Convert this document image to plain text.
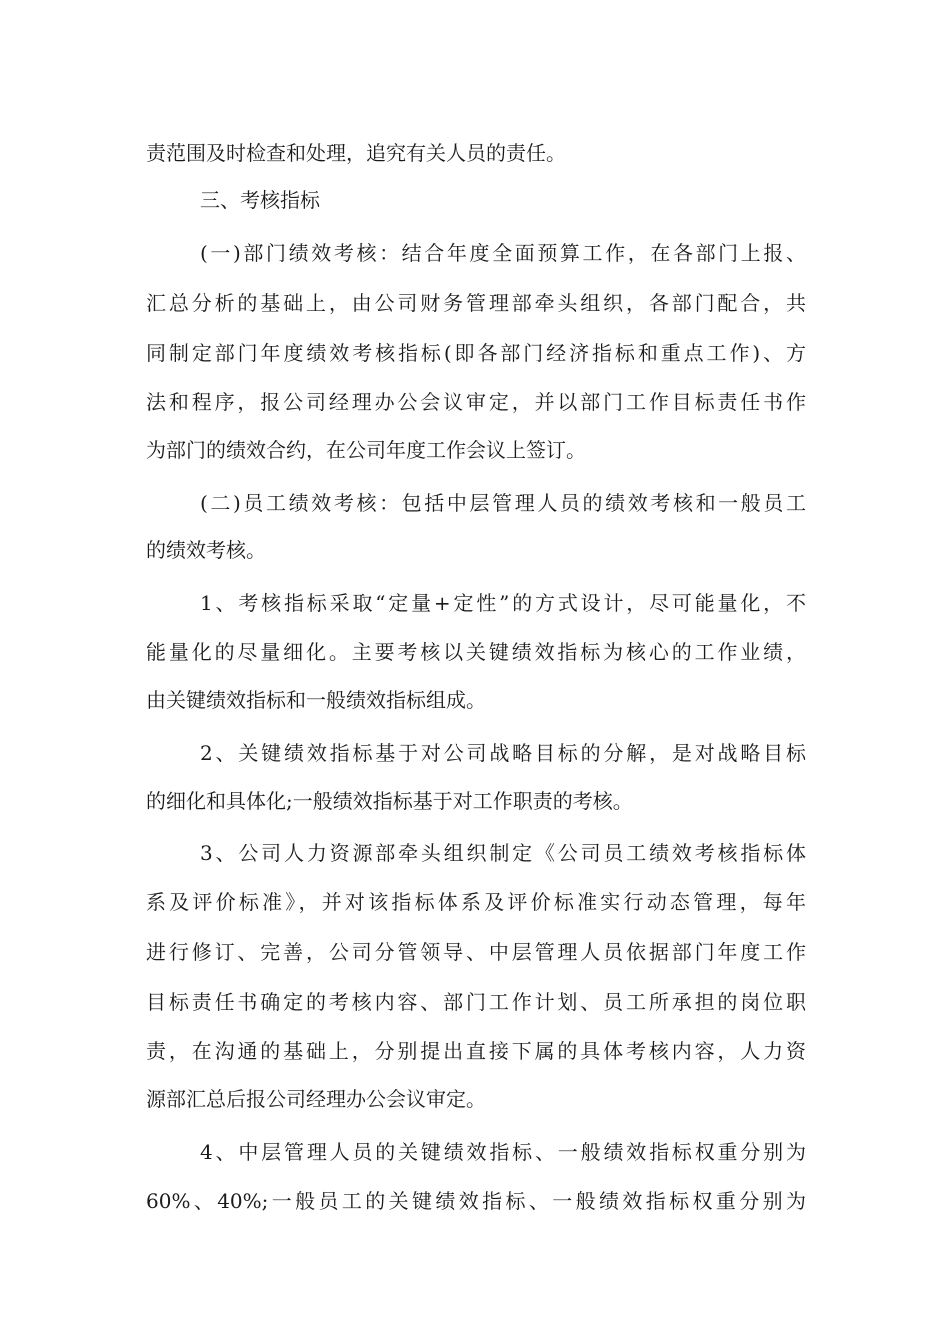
责范围及时检查和处理，追究有关人员的责任。
三、考核指标
(一)部门绩效考核：结合年度全面预算工作，在各部门上报、
汇总分析的基础上，由公司财务管理部牵头组织，各部门配合，共
同制定部门年度绩效考核指标(即各部门经济指标和重点工作)、方
法和程序，报公司经理办公会议审定，并以部门工作目标责任书作
为部门的绩效合约，在公司年度工作会议上签订。
(二)员工绩效考核：包括中层管理人员的绩效考核和一般员工
的绩效考核。
1、考核指标采取“定量+定性”的方式设计，尽可能量化，不
能量化的尽量细化。主要考核以关键绩效指标为核心的工作业绩，
由关键绩效指标和一般绩效指标组成。
2、关键绩效指标基于对公司战略目标的分解，是对战略目标
的细化和具体化;一般绩效指标基于对工作职责的考核。
3、公司人力资源部牵头组织制定《公司员工绩效考核指标体
系及评价标准》，并对该指标体系及评价标准实行动态管理，每年
进行修订、完善，公司分管领导、中层管理人员依据部门年度工作
目标责任书确定的考核内容、部门工作计划、员工所承担的岗位职
责，在沟通的基础上，分别提出直接下属的具体考核内容，人力资
源部汇总后报公司经理办公会议审定。
4、中层管理人员的关键绩效指标、一般绩效指标权重分别为
60%、40%;一般员工的关键绩效指标、一般绩效指标权重分别为
